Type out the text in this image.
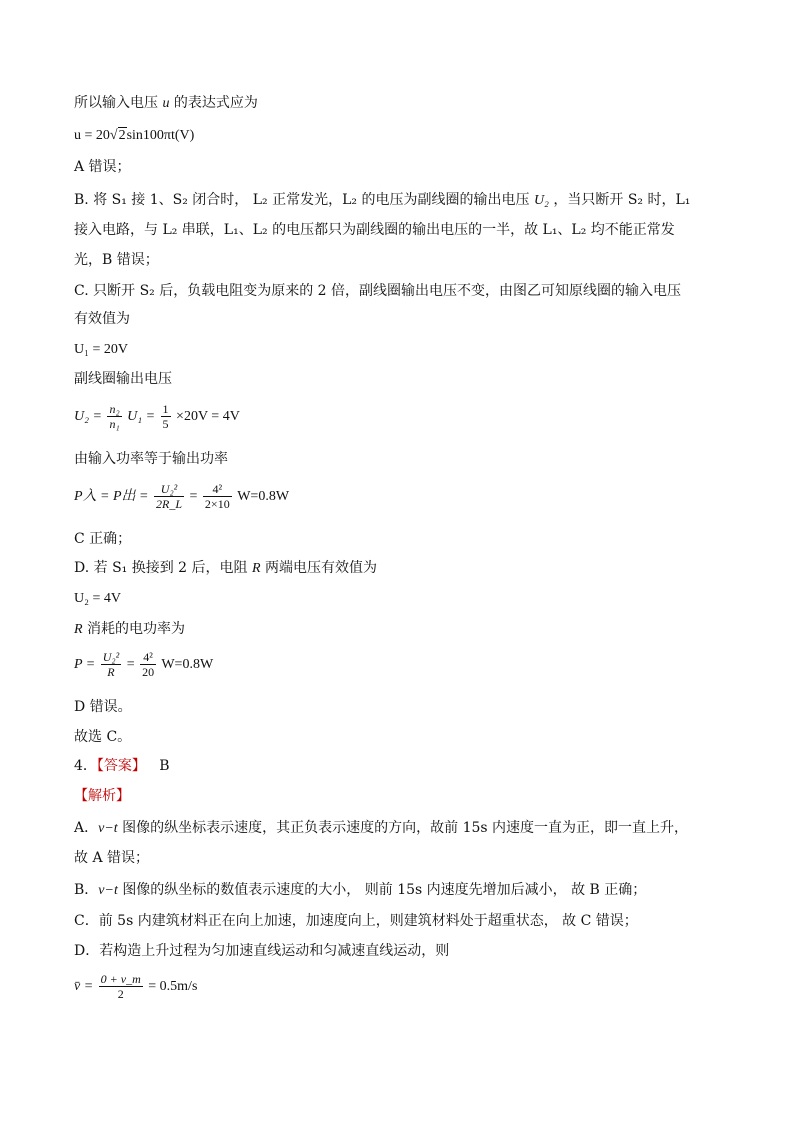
所以输入电压 u 的表达式应为
u = 20√2sin100πt(V)
A 错误；
B. 将 S₁ 接 1、S₂ 闭合时， L₂ 正常发光，L₂ 的电压为副线圈的输出电压 U₂ ，当只断开 S₂ 时，L₁
接入电路，与 L₂ 串联，L₁、L₂ 的电压都只为副线圈的输出电压的一半，故 L₁、L₂ 均不能正常发
光，B 错误；
C. 只断开 S₂ 后，负载电阻变为原来的 2 倍，副线圈输出电压不变，由图乙可知原线圈的输入电压
有效值为
U₁ = 20V
副线圈输出电压
$U_2 = \frac{\text{n₂}}{\text{n₁}} U_1 = \frac{1}{5} \times 20V = 4V$
由输入功率等于输出功率
P入 = P出 = $\frac{\text{U₂²}}{2R\_L} = \frac{\text{4²}}{2\times 10} W=0.8W$
C 正确；
D. 若 S₁ 换接到 2 后，电阻 R 两端电压有效值为
U₂ = 4V
R 消耗的电功率为
$P = \frac{\text{U₂²}}{R} = \frac{\text{4²}}{20} W=0.8W$
D 错误。
故选 C。
4．【答案】 B
【解析】
A．v−t 图像的纵坐标表示速度，其正负表示速度的方向，故前 15s 内速度一直为正，即一直上升，
故 A 错误；
B．v−t 图像的纵坐标的数值表示速度的大小， 则前 15s 内速度先增加后减小， 故 B 正确；
C．前 5s 内建筑材料正在向上加速，加速度向上，则建筑材料处于超重状态， 故 C 错误；
D．若构造上升过程为匀加速直线运动和匀减速直线运动，则
v̄ = $\frac{0 + v\_m}{2} = 0.5m/s$
